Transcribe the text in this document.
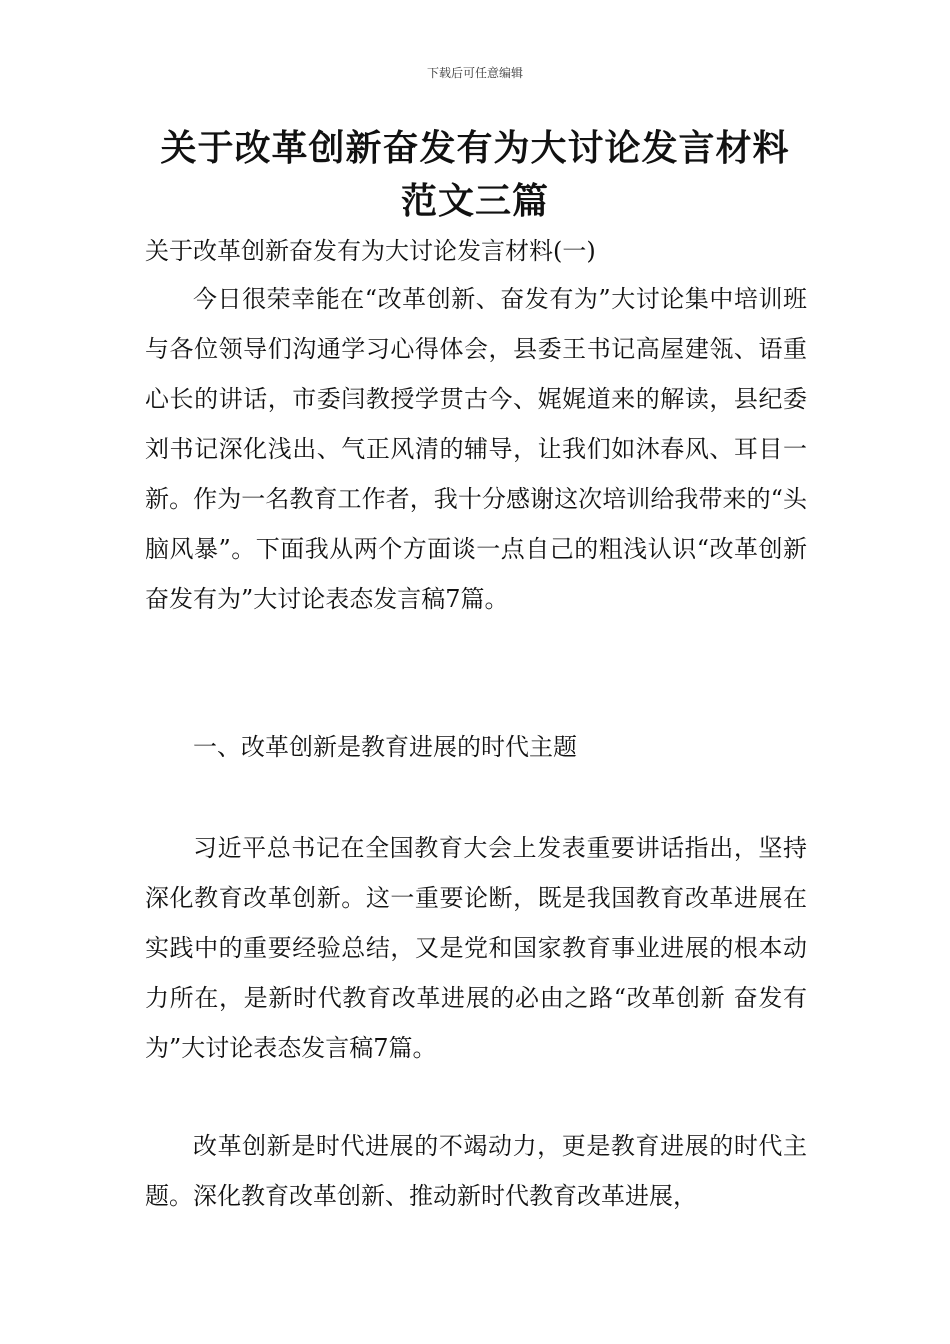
下载后可任意编辑
关于改革创新奋发有为大讨论发言材料范文三篇
关于改革创新奋发有为大讨论发言材料(一)

今日很荣幸能在“改革创新、奋发有为”大讨论集中培训班与各位领导们沟通学习心得体会，县委王书记高屋建瓴、语重心长的讲话，市委闫教授学贯古今、娓娓道来的解读，县纪委刘书记深化浅出、气正风清的辅导，让我们如沐春风、耳目一新。作为一名教育工作者，我十分感谢这次培训给我带来的“头脑风暴”。下面我从两个方面谈一点自己的粗浅认识“改革创新 奋发有为”大讨论表态发言稿7篇。

一、改革创新是教育进展的时代主题

习近平总书记在全国教育大会上发表重要讲话指出，坚持深化教育改革创新。这一重要论断，既是我国教育改革进展在实践中的重要经验总结，又是党和国家教育事业进展的根本动力所在，是新时代教育改革进展的必由之路“改革创新 奋发有为”大讨论表态发言稿7篇。

改革创新是时代进展的不竭动力，更是教育进展的时代主题。深化教育改革创新、推动新时代教育改革进展，
